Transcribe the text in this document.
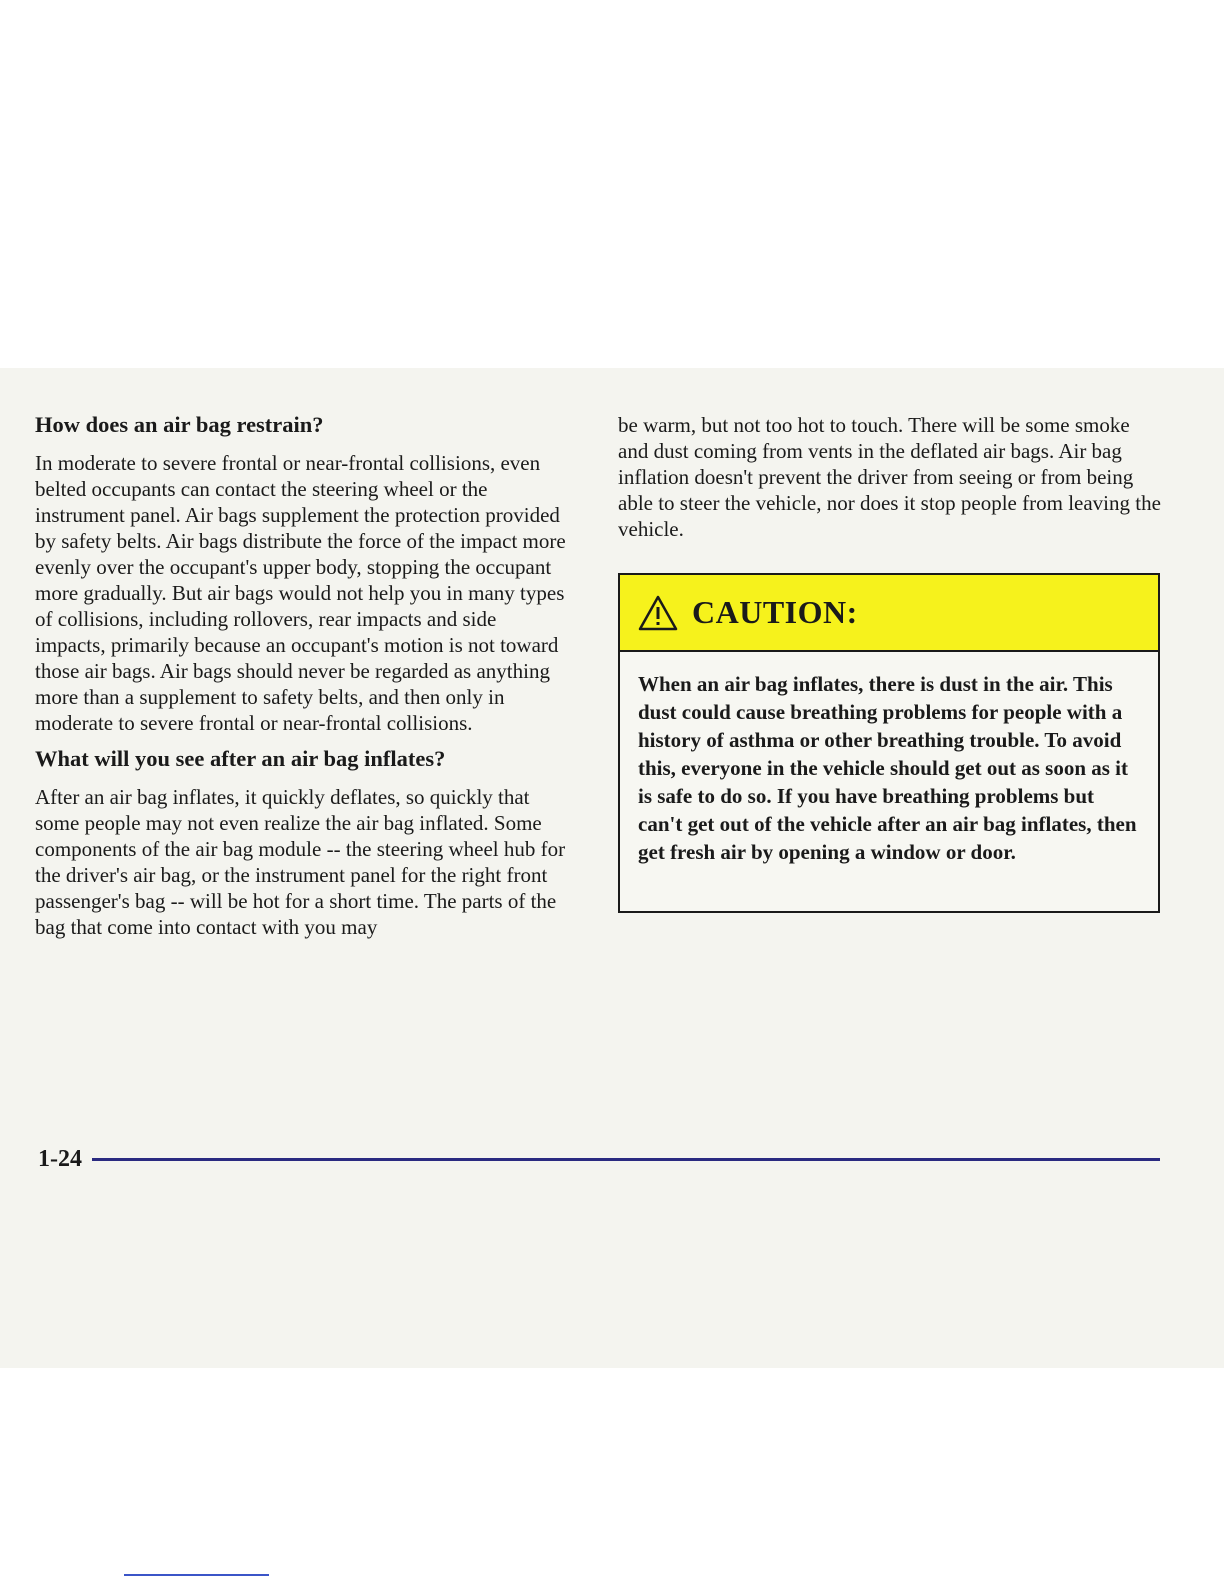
How does an air bag restrain?

In moderate to severe frontal or near-frontal collisions, even belted occupants can contact the steering wheel or the instrument panel. Air bags supplement the protection provided by safety belts. Air bags distribute the force of the impact more evenly over the occupant's upper body, stopping the occupant more gradually. But air bags would not help you in many types of collisions, including rollovers, rear impacts and side impacts, primarily because an occupant's motion is not toward those air bags. Air bags should never be regarded as anything more than a supplement to safety belts, and then only in moderate to severe frontal or near-frontal collisions.

What will you see after an air bag inflates?

After an air bag inflates, it quickly deflates, so quickly that some people may not even realize the air bag inflated. Some components of the air bag module -- the steering wheel hub for the driver's air bag, or the instrument panel for the right front passenger's bag -- will be hot for a short time. The parts of the bag that come into contact with you may

be warm, but not too hot to touch. There will be some smoke and dust coming from vents in the deflated air bags. Air bag inflation doesn't prevent the driver from seeing or from being able to steer the vehicle, nor does it stop people from leaving the vehicle.

CAUTION:
When an air bag inflates, there is dust in the air. This dust could cause breathing problems for people with a history of asthma or other breathing trouble. To avoid this, everyone in the vehicle should get out as soon as it is safe to do so. If you have breathing problems but can't get out of the vehicle after an air bag inflates, then get fresh air by opening a window or door.
1-24
